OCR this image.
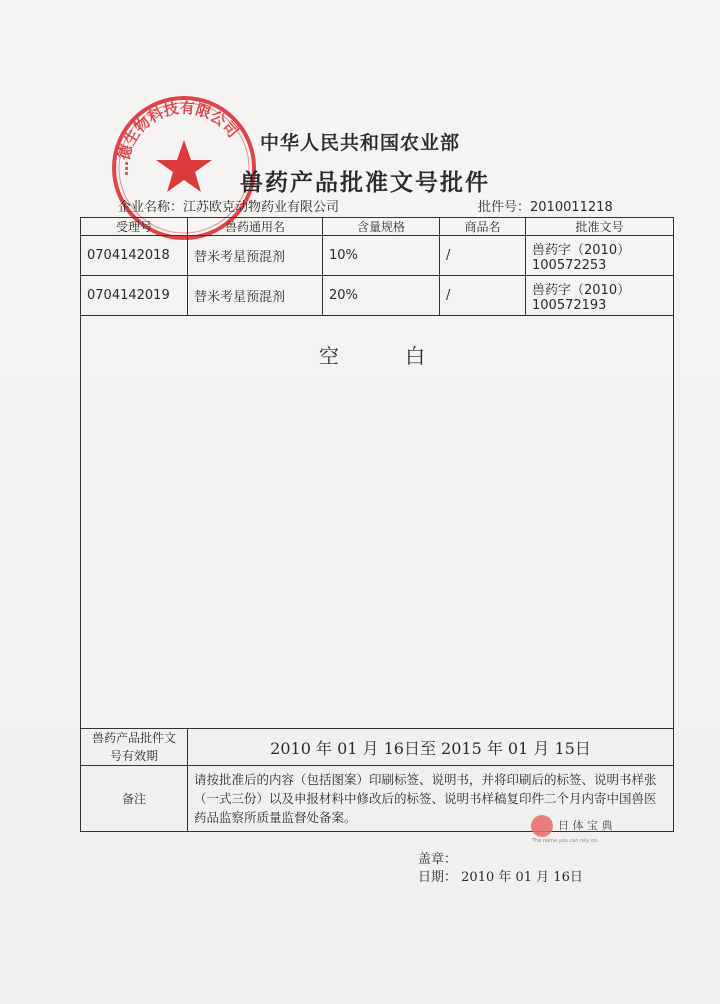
…德生物科技有限公司
中华人民共和国农业部
兽药产品批准文号批件
企业名称：江苏欧克动物药业有限公司	批件号：2010011218
受理号	兽药通用名	含量规格	商品名	批准文号
0704142018	替米考星预混剂	10%	/	兽药字（2010）
100572253

0704142019	替米考星预混剂	20%	/	兽药字（2010）
100572193

空 白				

兽药产品批件文号有效期	2010 年 01 月 16日至 2015 年 01 月 15日			
备注	请按批准后的内容（包括图案）印刷标签、说明书，并将印刷后的标签、说明书样张（一式三份）以及申报材料中修改后的标签、说明书样稿复印件二个月内寄中国兽医药品监察所质量监督处备案。			
盖章：
日期： 2010 年 01 月 16日
日 体 宝 典
The name you can rely on
